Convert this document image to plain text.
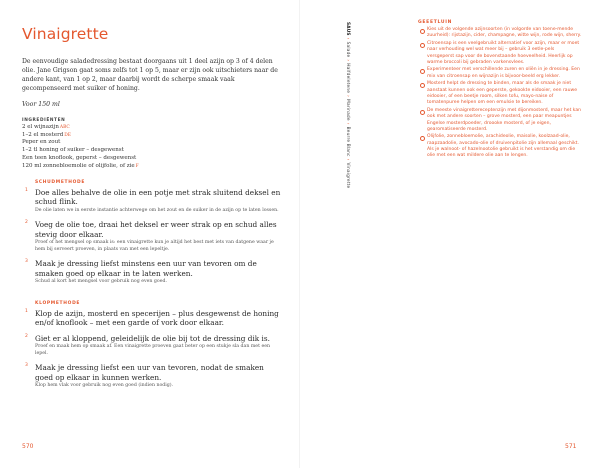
Vinaigrette

De eenvoudige saladedressing bestaat doorgaans uit 1 deel azijn op 3 of 4 delen olie. Jane Grigson gaat soms zelfs tot 1 op 5, maar er zijn ook uitschieters naar de andere kant, van 1 op 2, maar daarbij wordt de scherpe smaak vaak gecompenseerd met suiker of honing.

Voor 150 ml

INGREDIËNTEN
2 el wijnazijnABC
1–2 el mosterdDE
Peper en zout
1–2 tl honing of suiker – desgewenst
Een teen knoflook, geperst – desgewenst
120 ml zonnebloemolie of olijfolie, of zieF
SCHUDMETHODE
1 Doe alles behalve de olie in een potje met strak sluitend deksel en schud flink.

De olie laten we in eerste instantie achterwege om het zout en de suiker in de azijn op te laten lossen.

2 Voeg de olie toe, draai het deksel er weer strak op en schud alles stevig door elkaar.

Proef of het mengsel op smaak is: een vinaigrette kun je altijd het best met iets van datgene waar je hem bij serveert proeven, in plaats van met een lepeltje.

3 Maak je dressing liefst minstens een uur van tevoren om de smaken goed op elkaar in te laten werken.

Schud al kort het mengsel voor gebruik nog even goed.

KLOPMETHODE
1 Klop de azijn, mosterd en specerijen – plus desgewenst de honing en/of knoflook – met een garde of vork door elkaar.

2 Giet er al kloppend, geleidelijk de olie bij tot de dressing dik is.

Proef en maak hem op smaak af. Een vinaigrette proeven gaat beter op een stukje sla dan met een lepel.

3 Maak je dressing liefst een uur van tevoren, nodat de smaken goed op elkaar in kunnen werken.

Klop hem vlak voor gebruik nog even goed (indien nodig).

570
SAUS›Salade›Halfdeletene›Marinade›Beurre Blanc›Vinaigrette
GEEETLUIN
Kies uit de volgende azijnsoorten (in volgorde van toene-mende zuurheid): rijstazijn, cider, champagne, witte wijn, rode wijn, sherry.
Citroensap is een veelgebruikt alternatief voor azijn, maar er moet naar verhouding wel wat meer bij – gebruik 3 eetle-pels versgeperst sap voor de bovenstaande hoeveelheid. Heerlijk op warme broccoli bij gebraden varkensvlees.
Experimenteer met verschillende zuren en oliën in je dressing. Een mix van citroensap en wijnazijn is bijvoor-beeld erg lekker.
Mosterd helpt de dressing te binden, maar als de smaak je niet aanstaat kunnen ook een geperste, gekookte eidooier, een rauwe eidooier, of een beetje room, silken tofu, mayo-naise of tomatenpuree helpen om een emulsie te bereiken.
De meeste vinaigrettereceptenzijn met dijonmosterd, maar het kan ook met andere soorten – grove mosterd, een paar meapuntjes Engelse mosterdpoeder, droooke mosterd, of je eigen, gearomatiseerde mosterd.
Olijfolie, zonnebloemolie, arachideolie, maisolie, koolzaad-olie, raapzaadolie, avocado-olie of druivenpitolie zijn allemaal geschikt. Als je walnoot- of hazelnootolie gebruikt is het verstandig om die olie met een wat mildere olie aan te lengen.
571
